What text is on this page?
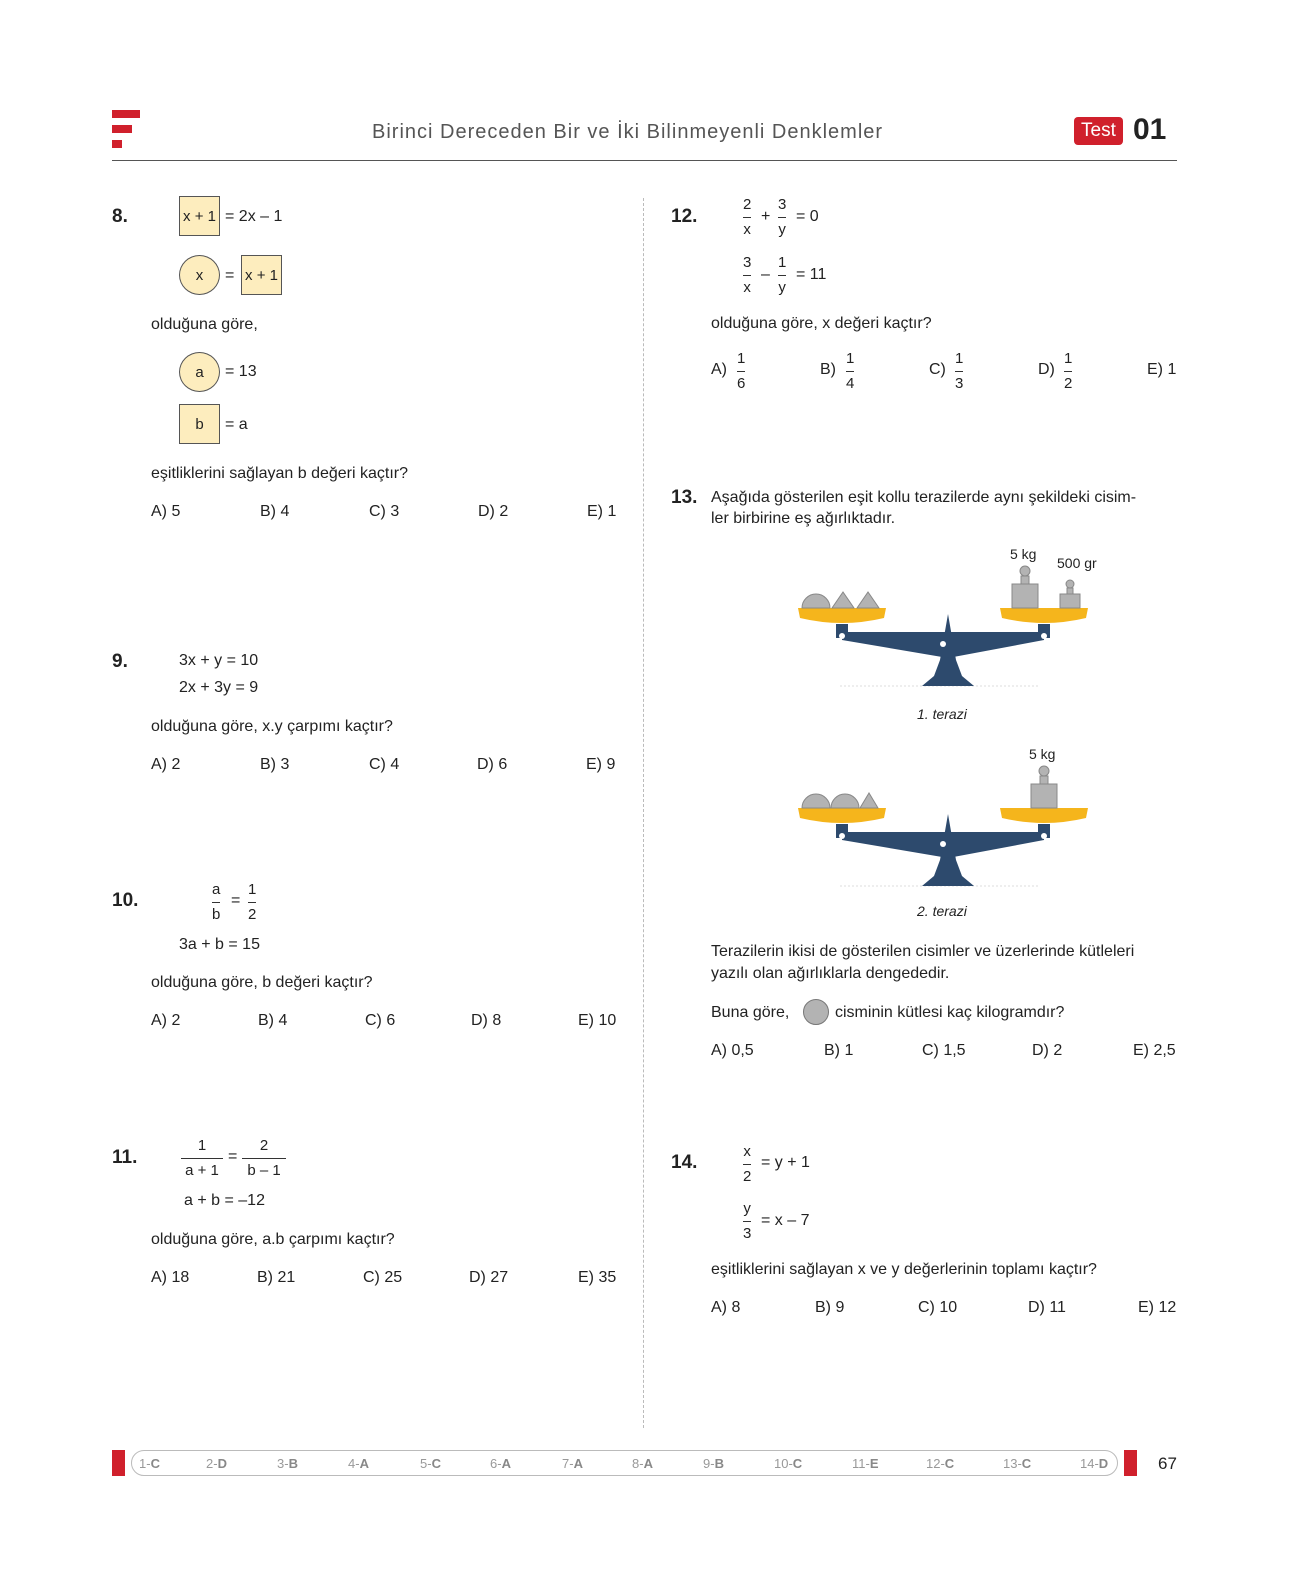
Birinci Dereceden Bir ve İki Bilinmeyenli Denklemler	Test 01
8.	x + 1 = 2x – 1
x	= x + 1
olduğuna göre,
a	= 13
b	= a
eşitliklerini sağlayan b değeri kaçtır?
A) 5	B) 4	C) 3	D) 2	E) 1
9.	3x + y = 10
2x + 3y = 9
olduğuna göre, x.y çarpımı kaçtır?
A) 2	B) 3	C) 4	D) 6	E) 9
10.
a
b
=
1
2
3a + b = 15
olduğuna göre, b değeri kaçtır?
A) 2	B) 4	C) 6	D) 8	E) 10
11.
1
a + 1
=
2
b – 1
a + b = –12
olduğuna göre, a.b çarpımı kaçtır?
A) 18	B) 21	C) 25	D) 27	E) 35
12.
2
x
+
3
y
= 0
3
x
–
1
y
= 11
olduğuna göre, x değeri kaçtır?
A)
1
6
B)
1
4
C)
1
3
D)
1
2
E) 1
13. Aşağıda gösterilen eşit kollu terazilerde aynı şekildeki cisim-
ler birbirine eş ağırlıktadır.
5 kg
500 gr
1. terazi
5 kg
2. terazi
Terazilerin ikisi de gösterilen cisimler ve üzerlerinde kütleleri
yazılı olan ağırlıklarla dengededir.
Buna göre,	cisminin kütlesi kaç kilogramdır?
A) 0,5	B) 1	C) 1,5	D) 2	E) 2,5
14.
x
2
= y + 1
y
3
= x – 7
eşitliklerini sağlayan x ve y değerlerinin toplamı kaçtır?
A) 8	B) 9	C) 10	D) 11	E) 12
1-C	2-D	3-B	4-A	5-C	6-A	7-A	8-A	9-B	10-C	11-E	12-C	13-C	14-D	67
